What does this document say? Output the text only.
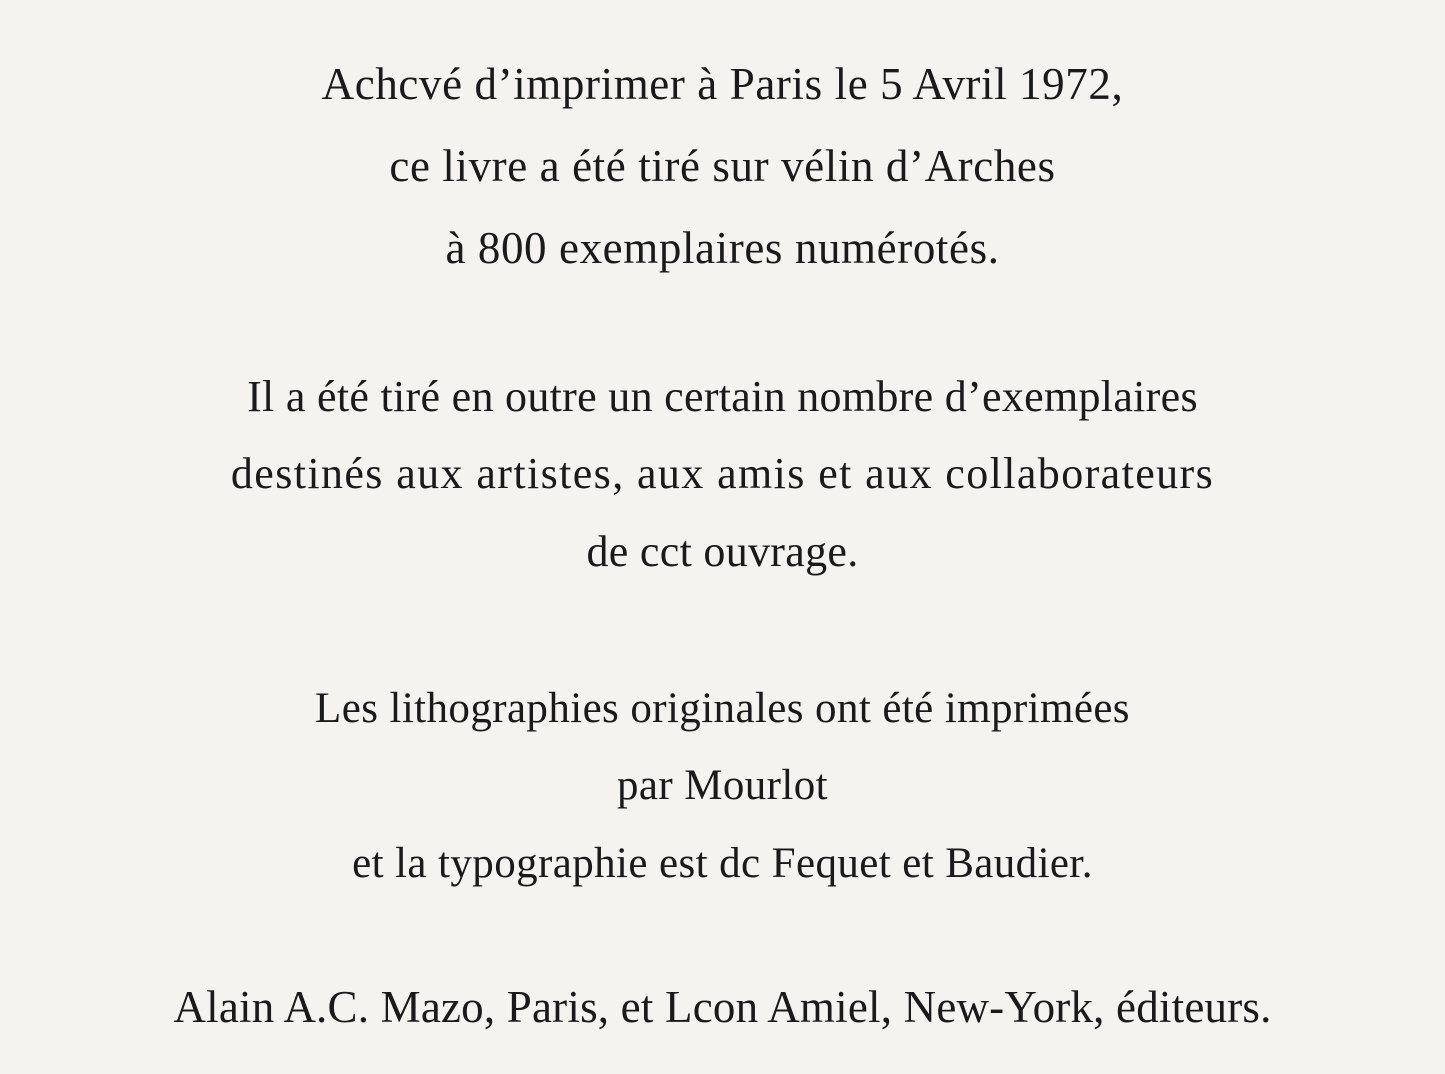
Achcvé d’imprimer à Paris le 5 Avril 1972,
ce livre a été tiré sur vélin d’Arches
à 800 exemplaires numérotés.
Il a été tiré en outre un certain nombre d’exemplaires
destinés aux artistes, aux amis et aux collaborateurs
de cct ouvrage.
Les lithographies originales ont été imprimées
par Mourlot
et la typographie est dc Fequet et Baudier.
Alain A.C. Mazo, Paris, et Lcon Amiel, New-York, éditeurs.
